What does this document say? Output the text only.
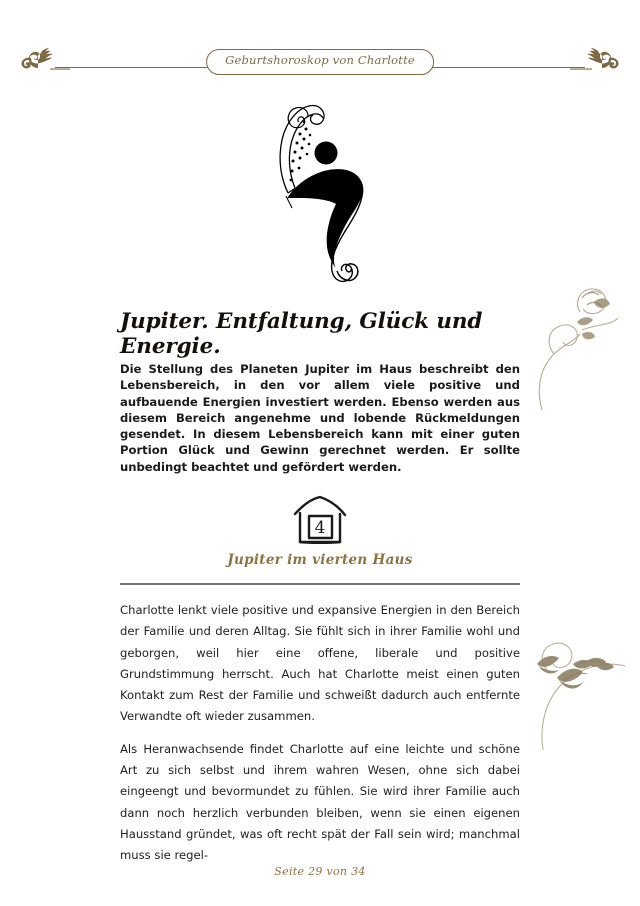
Geburtshoroskop von Charlotte
Jupiter. Entfaltung, Glück und Energie.
Die Stellung des Planeten Jupiter im Haus beschreibt den Lebensbereich, in den vor allem viele positive und aufbauende Energien investiert werden. Ebenso werden aus diesem Bereich angenehme und lobende Rückmeldungen gesendet. In diesem Lebensbereich kann mit einer guten Portion Glück und Gewinn gerechnet werden. Er sollte unbedingt beachtet und gefördert werden.
4
Jupiter im vierten Haus

Charlotte lenkt viele positive und expansive Energien in den Bereich der Familie und deren Alltag. Sie fühlt sich in ihrer Familie wohl und geborgen, weil hier eine offene, liberale und positive Grundstimmung herrscht. Auch hat Charlotte meist einen guten Kontakt zum Rest der Familie und schweißt dadurch auch entfernte Verwandte oft wieder zusammen.

Als Heranwachsende findet Charlotte auf eine leichte und schöne Art zu sich selbst und ihrem wahren Wesen, ohne sich dabei eingeengt und bevormundet zu fühlen. Sie wird ihrer Familie auch dann noch herzlich verbunden bleiben, wenn sie einen eigenen Hausstand gründet, was oft recht spät der Fall sein wird; manchmal muss sie regel-

Seite 29 von 34
